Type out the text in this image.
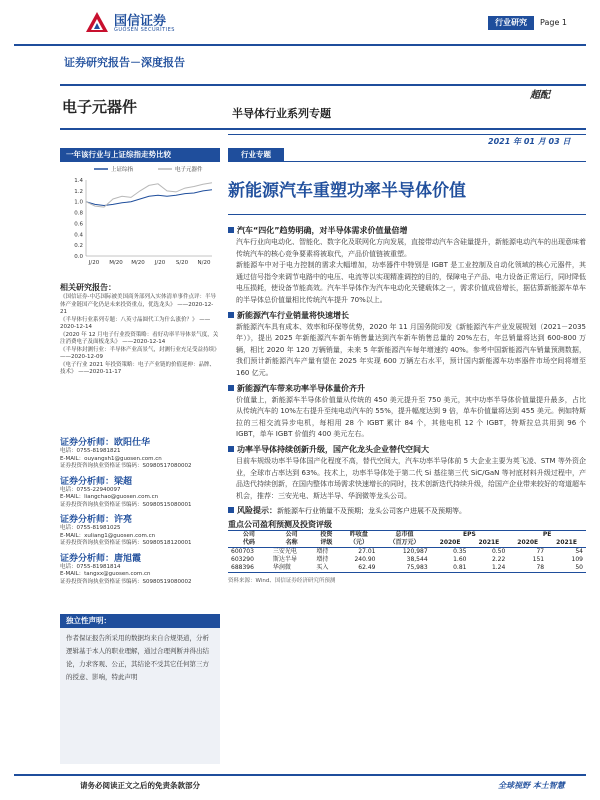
国信证券
GUOSEN SECURITIES
行业研究	Page 1
证券研究报告－深度报告
电子元器件	半导体行业系列专题
超配
2021 年 01 月 03 日
一年该行业与上证综指走势比较
上证综指	电子元器件
0.0
0.2
0.4
0.6
0.8
1.0
1.2
1.4
J/20 M/20 M/20 J/20 S/20 N/20
相关研究报告：
《国信证券-中芯国际被美国商务部列入实体清单事件点评：半导体产业链国产化仍是未来投资重点，优选龙头》 ——2020-12-21
《半导体行业系列专题：八英寸晶圆代工为什么涨价？》 ——2020-12-14
《2020 年 12 月电子行业投资策略：看好功率半导体景气度，关注消费电子及面板龙头》 ——2020-12-14
《半导体封测行业：半导体产业高景气，封测行业充足受益持续》 ——2020-12-09
《电子行业 2021 年投资策略：电子产业链的价值延伸：品牌、技术》 ——2020-11-17
证券分析师：欧阳仕华
电话：0755-81981821
E-MAIL：ouyangsh1@guosen.com.cn
证券投资咨询执业资格证书编码：S0980517080002
证券分析师：梁超
电话：0755-22940097
E-MAIL：liangchao@guosen.com.cn
证券投资咨询执业资格证书编码：S0980515080001
证券分析师：许亮
电话：0755-81981025
E-MAIL：xuliang1@guosen.com.cn
证券投资咨询执业资格证书编码：S0980518120001
证券分析师：唐旭霞
电话：0755-81981814
E-MAIL：tangxx@guosen.com.cn
证券投资咨询执业资格证书编码：S0980519080002
独立性声明：
作者保证报告所采用的数据均来自合规渠道，分析逻辑基于本人的职业理解，通过合理判断并得出结论，力求客观、公正，其结论不受其它任何第三方的授意、影响，特此声明
行业专题
新能源汽车重塑功率半导体价值
汽车“四化”趋势明确，对半导体需求价值量倍增
汽车行业向电动化、智能化、数字化及联网化方向发展，直接带动汽车含硅量提升，新能源电动汽车的出现意味着传统汽车的核心竞争要素将被取代，产品价值链被重塑。
新能源车中对于电力控制的需求大幅增加，功率器件中特别是 IGBT 是工业控制及自动化领域的核心元器件，其通过信号指令来调节电路中的电压、电流等以实现精准调控的目的，保障电子产品、电力设备正常运行，同时降低电压损耗，使设备节能高效。汽车半导体作为汽车电动化关键载体之一，需求价值成倍增长，据估算新能源车单车的半导体总价值量相比传统汽车提升 70%以上。
新能源汽车行业销量将快速增长
新能源汽车具有成本、效率和环保等优势，2020 年 11 月国务院印发《新能源汽车产业发展规划（2021－2035 年）》，提出 2025 年新能源汽车新车销售量达到汽车新车销售总量的 20%左右，年总销量将达到 600-800 万辆，相比 2020 年 120 万辆销量，未来 5 年新能源汽车每年增速约 40%。参考中国新能源汽车销量预测数据，我们预计新能源汽车产量有望在 2025 年实现 600 万辆左右水平，预计国内新能源车功率器件市场空间将增至 160 亿元。
新能源汽车带来功率半导体量价齐升
价值量上，新能源车半导体价值量从传统的 450 美元提升至 750 美元，其中功率半导体价值量提升最多，占比从传统汽车的 10%左右提升至纯电动汽车的 55%，提升幅度达到 9 倍，单车价值量将达到 455 美元。例如特斯拉的三相交流异步电机，每相用 28 个 IGBT 累计 84 个，其他电机 12 个 IGBT，特斯拉总共用到 96 个 IGBT，单车 IGBT 价值约 400 美元左右。
功率半导体持续创新升级，国产化龙头企业替代空间大
目前车规级功率半导体国产化程度不高，替代空间大，汽车功率半导体前 5 大企业主要为英飞凌、STM 等外资企业，全球市占率达到 63%。技术上，功率半导体处于第二代 Si 基往第三代 SiC/GaN 等衬底材料升级过程中，产品迭代持续创新，在国内整体市场需求快速增长的同时，技术创新迭代持续升级，给国产企业带来较好的弯道超车机会，推荐：三安光电、斯达半导、华润微等龙头公司。
风险提示：新能源车行业销量不及预期；龙头公司客户进展不及预期等。
重点公司盈利预测及投资评级
公司	公司	投资	昨收盘	总市值	EPS		PE	
代码	名称	评级	（元）	（百万元）	2020E	2021E	2020E	2021E
600703	三安光电	增持	27.01	120,987	0.35	0.50	77	54
603290	斯达半导	增持	240.90	38,544	1.60	2.22	151	109
688396	华润微	买入	62.49	75,983	0.81	1.24	78	50
资料来源：Wind、国信证券经济研究所预测
请务必阅读正文之后的免责条款部分	全球视野 本土智慧
